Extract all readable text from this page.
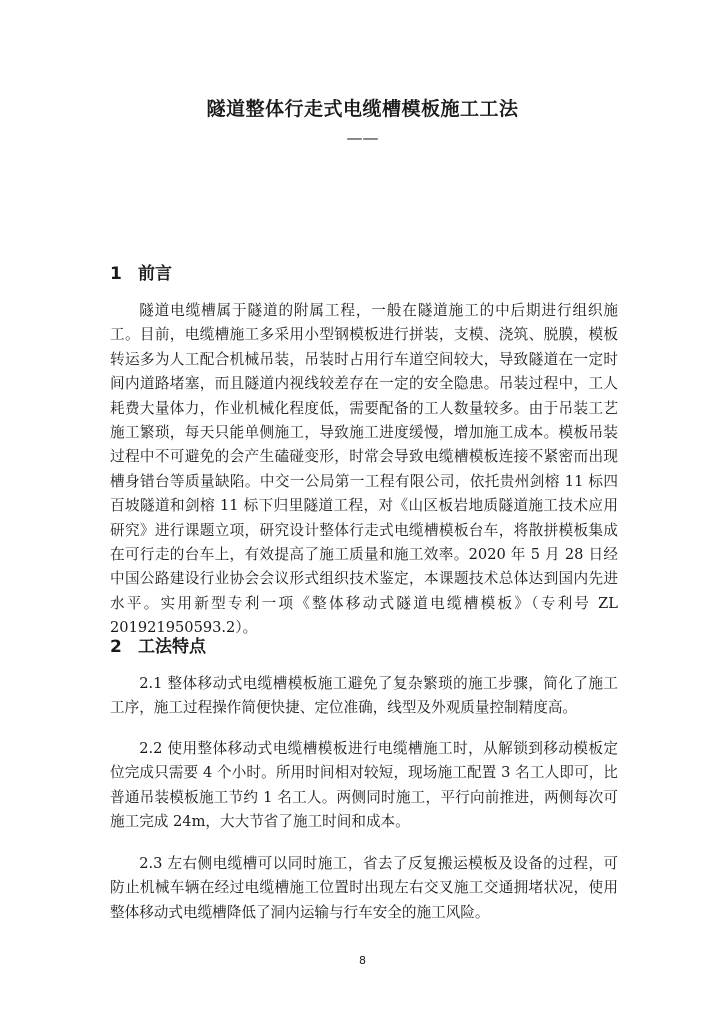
隧道整体行走式电缆槽模板施工工法
——
1 前言
隧道电缆槽属于隧道的附属工程，一般在隧道施工的中后期进行组织施工。目前，电缆槽施工多采用小型钢模板进行拼装，支模、浇筑、脱膜，模板转运多为人工配合机械吊装，吊装时占用行车道空间较大，导致隧道在一定时间内道路堵塞，而且隧道内视线较差存在一定的安全隐患。吊装过程中，工人耗费大量体力，作业机械化程度低，需要配备的工人数量较多。由于吊装工艺施工繁琐，每天只能单侧施工，导致施工进度缓慢，增加施工成本。模板吊装过程中不可避免的会产生磕碰变形，时常会导致电缆槽模板连接不紧密而出现槽身错台等质量缺陷。中交一公局第一工程有限公司，依托贵州剑榕 11 标四百坡隧道和剑榕 11 标下归里隧道工程，对《山区板岩地质隧道施工技术应用研究》进行课题立项，研究设计整体行走式电缆槽模板台车，将散拼模板集成在可行走的台车上，有效提高了施工质量和施工效率。2020 年 5 月 28 日经中国公路建设行业协会会议形式组织技术鉴定，本课题技术总体达到国内先进水平。实用新型专利一项《整体移动式隧道电缆槽模板》（专利号 ZL 201921950593.2）。
2 工法特点
2.1 整体移动式电缆槽模板施工避免了复杂繁琐的施工步骤，简化了施工工序，施工过程操作简便快捷、定位准确，线型及外观质量控制精度高。
2.2 使用整体移动式电缆槽模板进行电缆槽施工时，从解锁到移动模板定位完成只需要 4 个小时。所用时间相对较短，现场施工配置 3 名工人即可，比普通吊装模板施工节约 1 名工人。两侧同时施工，平行向前推进，两侧每次可施工完成 24m，大大节省了施工时间和成本。
2.3 左右侧电缆槽可以同时施工，省去了反复搬运模板及设备的过程，可防止机械车辆在经过电缆槽施工位置时出现左右交叉施工交通拥堵状况，使用整体移动式电缆槽降低了洞内运输与行车安全的施工风险。
8
